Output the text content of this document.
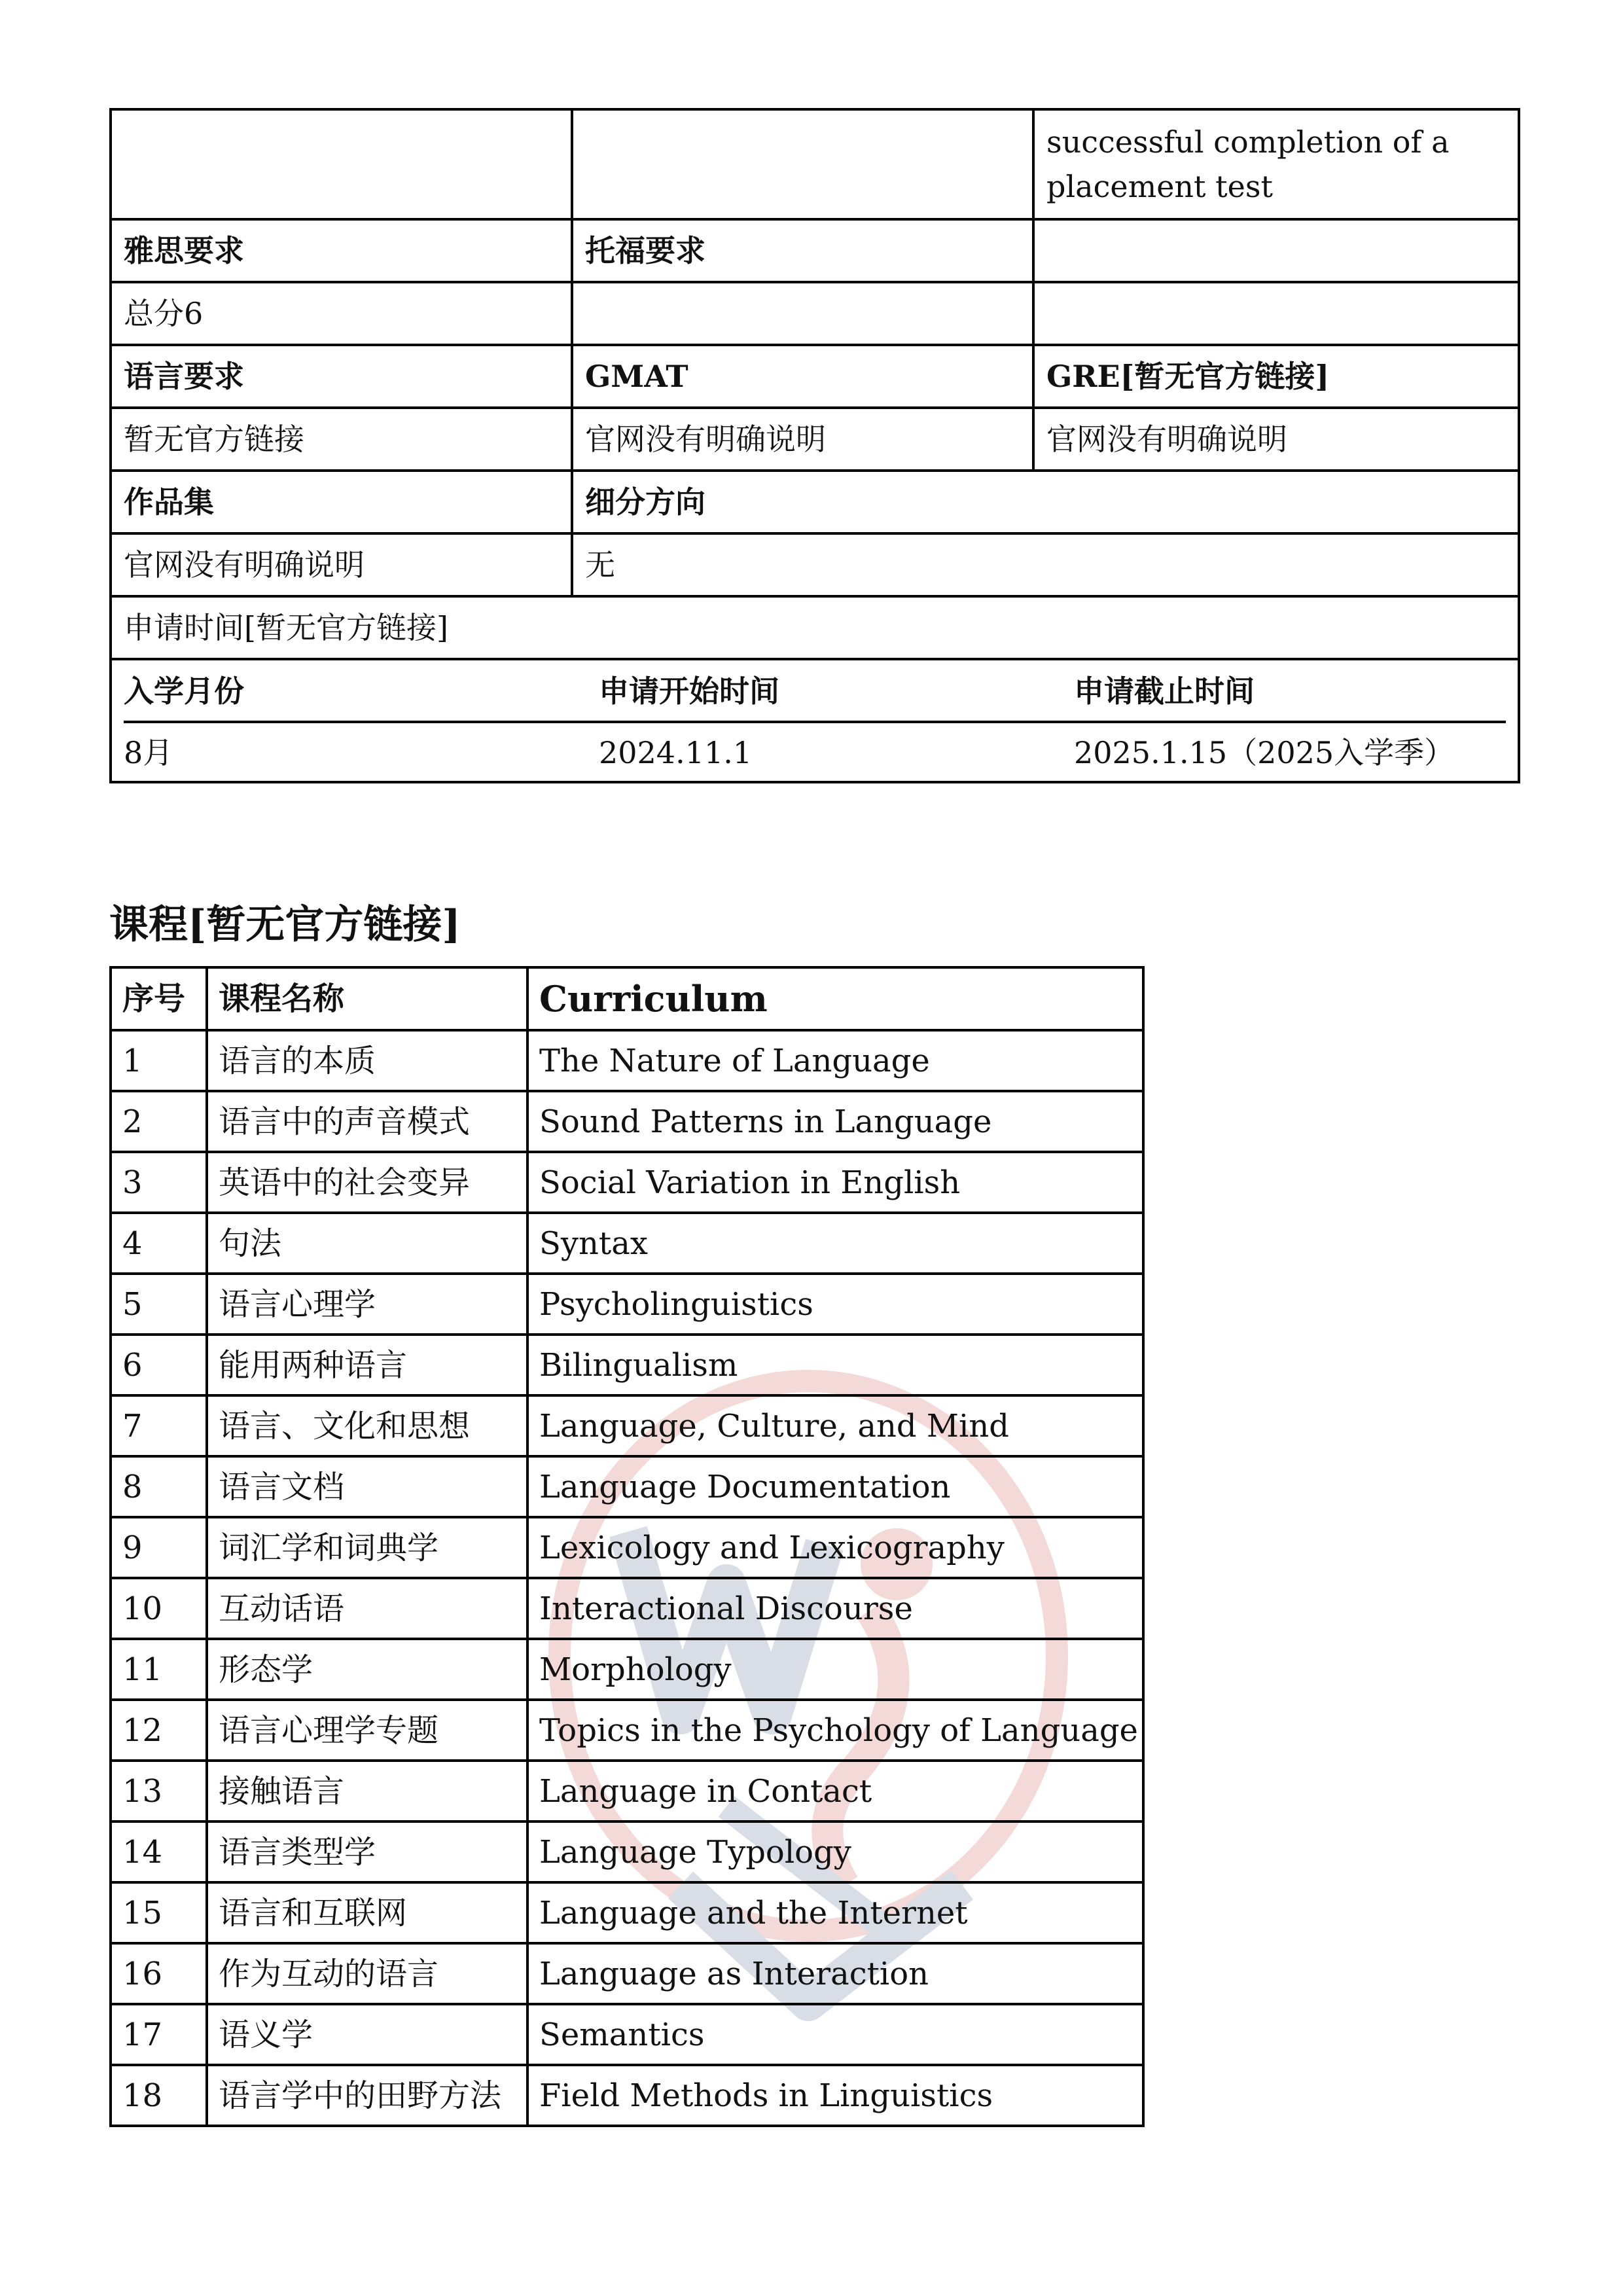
		successful completion of a placement test
雅思要求	托福要求	
总分6		
语言要求	GMAT	GRE[暂无官方链接]
暂无官方链接	官网没有明确说明	官网没有明确说明
作品集	细分方向
官网没有明确说明	无
申请时间[暂无官方链接]

入学月份	申请开始时间	申请截止时间
8月	2024.11.1	2025.1.15（2025入学季）
课程[暂无官方链接]
序号	课程名称	Curriculum
1	语言的本质	The Nature of Language
2	语言中的声音模式	Sound Patterns in Language
3	英语中的社会变异	Social Variation in English
4	句法	Syntax
5	语言心理学	Psycholinguistics
6	能用两种语言	Bilingualism
7	语言、文化和思想	Language, Culture, and Mind
8	语言文档	Language Documentation
9	词汇学和词典学	Lexicology and Lexicography
10	互动话语	Interactional Discourse
11	形态学	Morphology
12	语言心理学专题	Topics in the Psychology of Language
13	接触语言	Language in Contact
14	语言类型学	Language Typology
15	语言和互联网	Language and the Internet
16	作为互动的语言	Language as Interaction
17	语义学	Semantics
18	语言学中的田野方法	Field Methods in Linguistics
